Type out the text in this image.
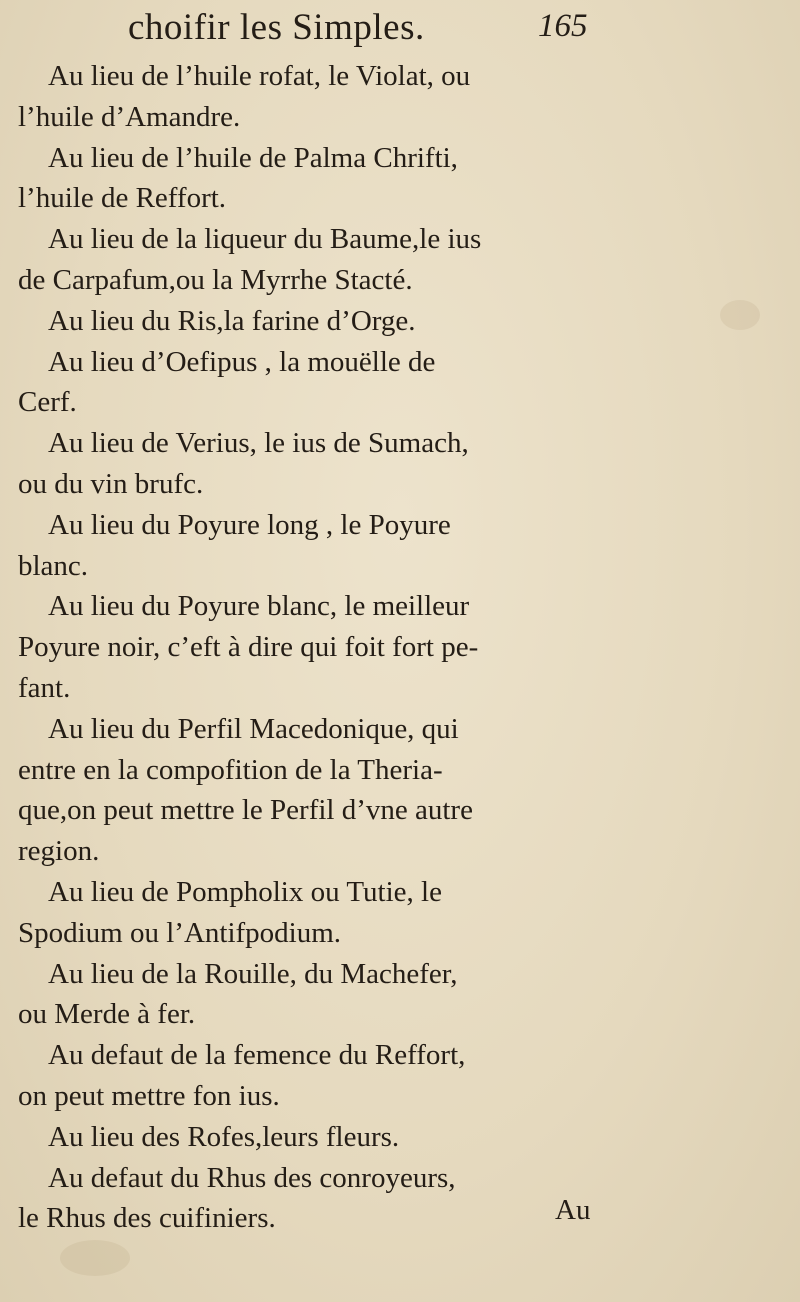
choifir les Simples.	165
Au lieu de l’huile rofat, le Violat, ou
l’huile d’Amandre.
Au lieu de l’huile de Palma Chrifti,
l’huile de Reffort.
Au lieu de la liqueur du Baume,le ius
de Carpafum,ou la Myrrhe Stacté.
Au lieu du Ris,la farine d’Orge.
Au lieu d’Oefipus , la mouëlle de
Cerf.
Au lieu de Verius, le ius de Sumach,
ou du vin brufc.
Au lieu du Poyure long , le Poyure
blanc.
Au lieu du Poyure blanc, le meilleur
Poyure noir, c’eft à dire qui foit fort pe-
fant.
Au lieu du Perfil Macedonique, qui
entre en la compofition de la Theria-
que,on peut mettre le Perfil d’vne autre
region.
Au lieu de Pompholix ou Tutie, le
Spodium ou l’Antifpodium.
Au lieu de la Rouille, du Machefer,
ou Merde à fer.
Au defaut de la femence du Reffort,
on peut mettre fon ius.
Au lieu des Rofes,leurs fleurs.
Au defaut du Rhus des conroyeurs,
le Rhus des cuifiniers.	Au
